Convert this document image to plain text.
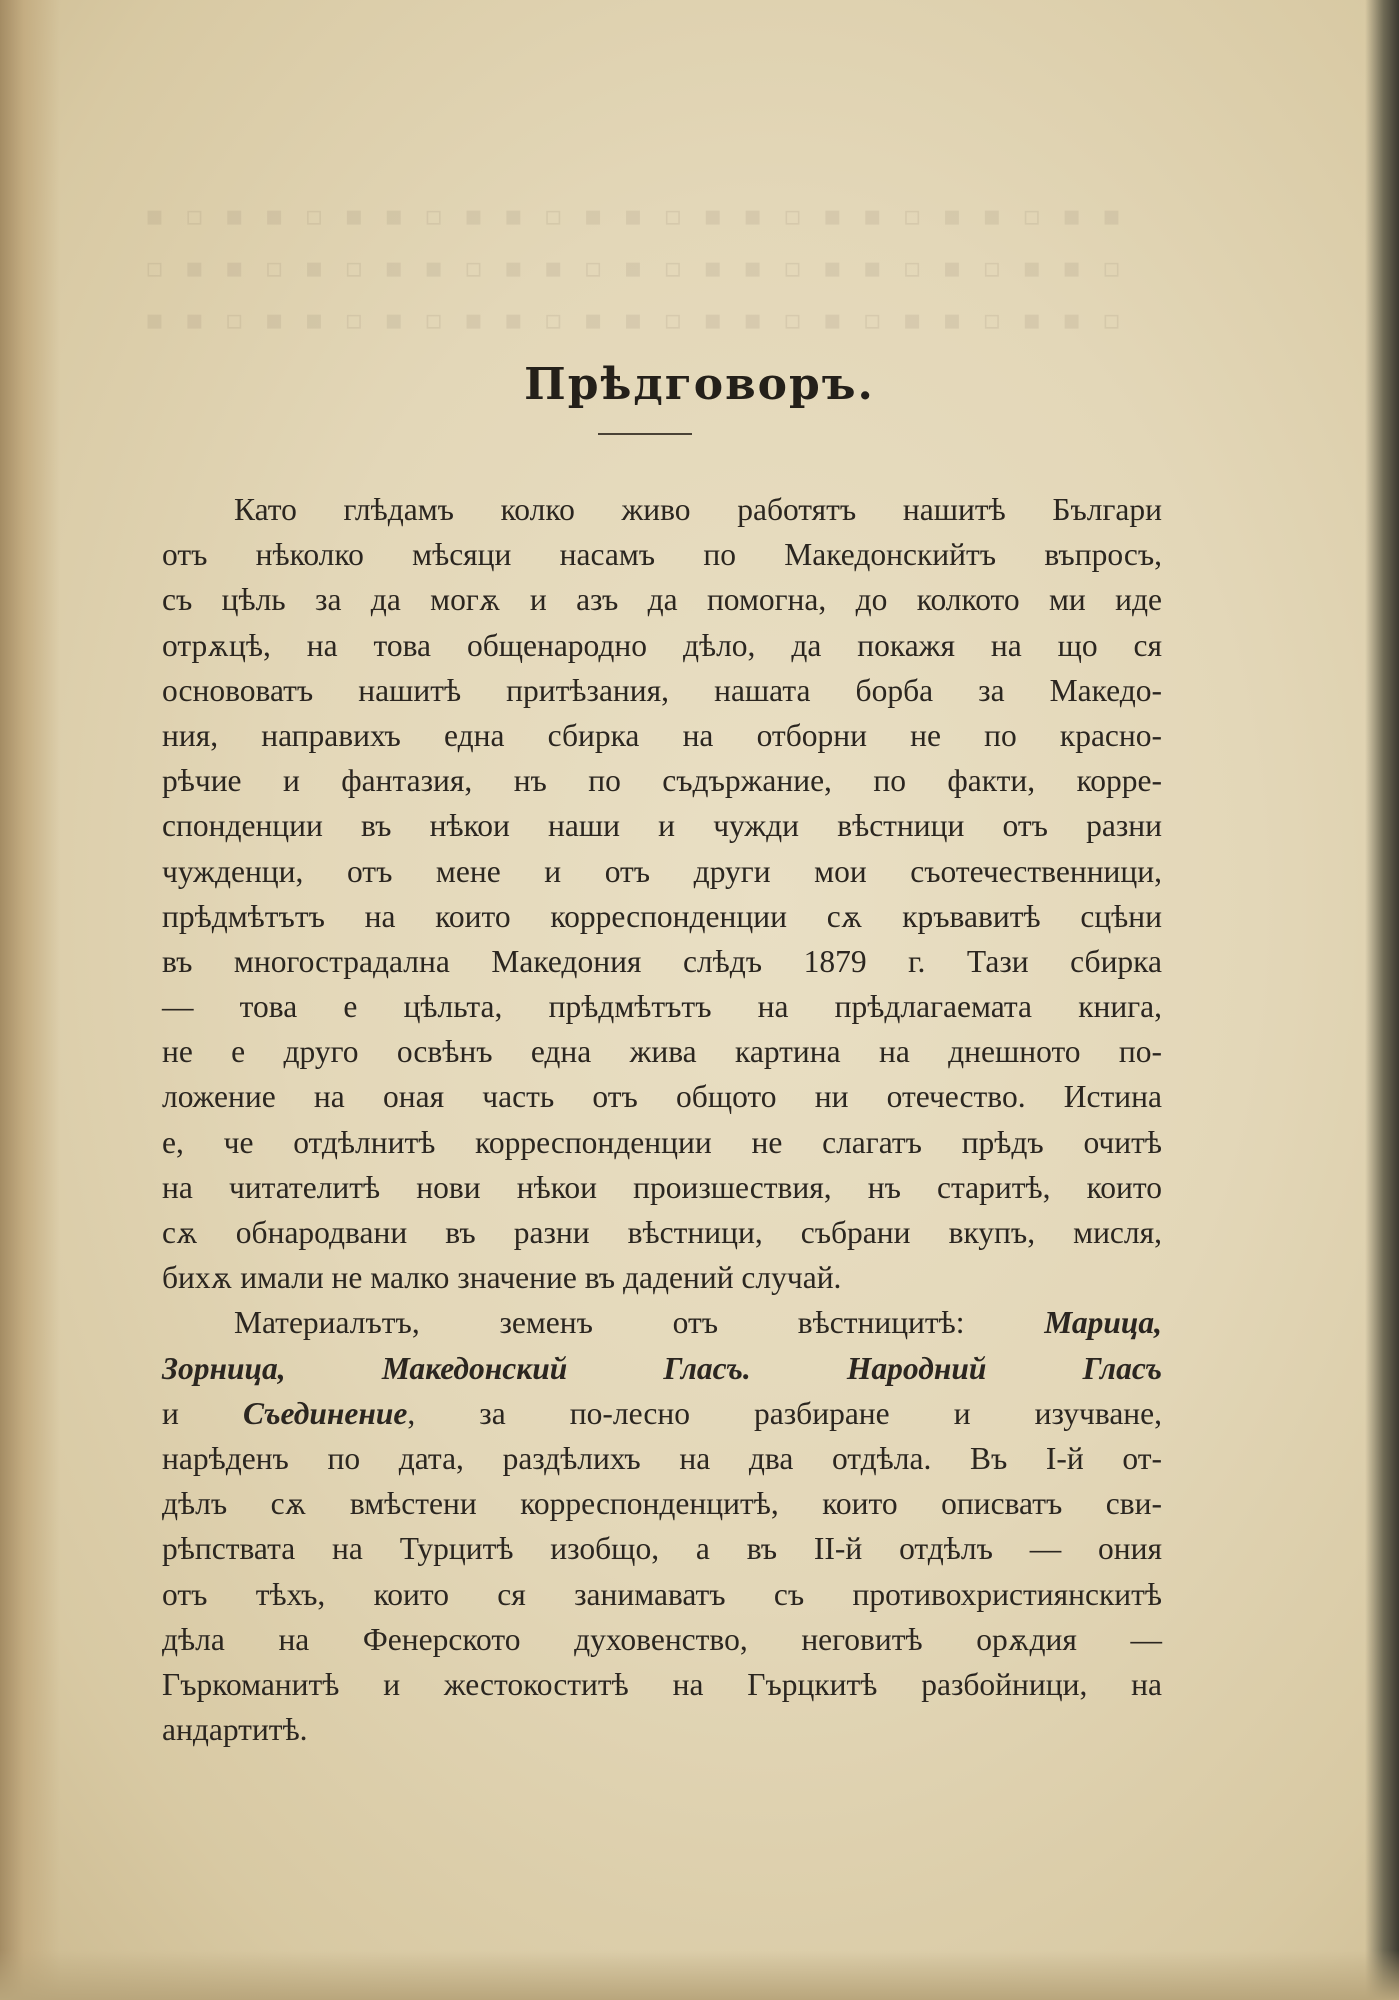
▪ ▫ ▪ ▪ ▫ ▪ ▪ ▫ ▪ ▪ ▫ ▪ ▪ ▫ ▪ ▪ ▫ ▪ ▪ ▫ ▪ ▪ ▫ ▪ ▪
▫ ▪ ▪ ▫ ▪ ▫ ▪ ▪ ▫ ▪ ▪ ▫ ▪ ▫ ▪ ▪ ▫ ▪ ▪ ▫ ▪ ▫ ▪ ▪ ▫
▪ ▪ ▫ ▪ ▪ ▫ ▪ ▫ ▪ ▪ ▫ ▪ ▪ ▫ ▪ ▪ ▫ ▪ ▫ ▪ ▪ ▫ ▪ ▪ ▫
Прѣдговоръ.
Като глѣдамъ колко живо работятъ нашитѣ Българи
отъ нѣколко мѣсяци насамъ по Македонскийтъ въпросъ,
съ цѣль за да могѫ и азъ да помогна, до колкото ми иде
отрѫцѣ, на това общенародно дѣло, да покажя на що ся
основоватъ нашитѣ притѣзания, нашата борба за Македо-
ния, направихъ една сбирка на отборни не по красно-
рѣчие и фантазия, нъ по съдържание, по факти, корре-
спонденции въ нѣкои наши и чужди вѣстници отъ разни
чужденци, отъ мене и отъ други мои съотечественници,
прѣдмѣтътъ на които корреспонденции сѫ кръвавитѣ сцѣни
въ многострадална Македония слѣдъ 1879 г. Тази сбирка
— това е цѣльта, прѣдмѣтътъ на прѣдлагаемата книга,
не е друго освѣнъ една жива картина на днешното по-
ложение на оная часть отъ общото ни отечество. Истина
е, че отдѣлнитѣ корреспонденции не слагатъ прѣдъ очитѣ
на читателитѣ нови нѣкои произшествия, нъ старитѣ, които
сѫ обнародвани въ разни вѣстници, събрани вкупъ, мисля,
бихѫ имали не малко значение въ дадений случай.
Материалътъ, земенъ отъ вѣстницитѣ: Марица,
Зорница, Македонский Гласъ. Народний Гласъ
и Съединение, за по-лесно разбиране и изучване,
нарѣденъ по дата, раздѣлихъ на два отдѣла. Въ I-й от-
дѣлъ сѫ вмѣстени корреспонденцитѣ, които описватъ сви-
рѣпствата на Турцитѣ изобщо, а въ II-й отдѣлъ — ония
отъ тѣхъ, които ся занимаватъ съ противохристиянскитѣ
дѣла на Фенерското духовенство, неговитѣ орѫдия —
Гъркоманитѣ и жестокоститѣ на Гърцкитѣ разбойници, на
андартитѣ.
